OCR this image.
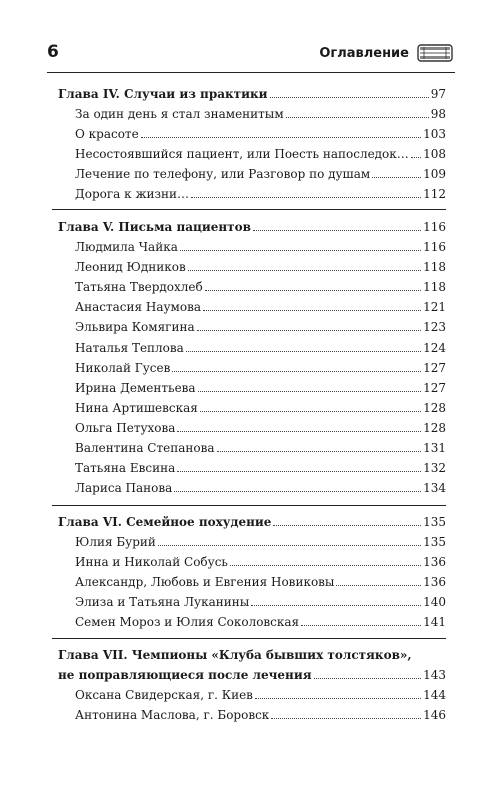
6	Оглавление
Глава IV. Случаи из практики	97
За один день я стал знаменитым	98
О красоте	103
Несостоявшийся пациент, или Поесть напоследок… 108
Лечение по телефону, или Разговор по душам	109
Дорога к жизни…	112
Глава V. Письма пациентов	116
Людмила Чайка	116
Леонид Юдников	118
Татьяна Твердохлеб	118
Анастасия Наумова	121
Эльвира Комягина	123
Наталья Теплова	124
Николай Гусев	127
Ирина Дементьева	127
Нина Артишевская	128
Ольга Петухова	128
Валентина Степанова	131
Татьяна Евсина	132
Лариса Панова	134
Глава VI. Семейное похудение	135
Юлия Бурий	135
Инна и Николай Собусь	136
Александр, Любовь и Евгения Новиковы	136
Элиза и Татьяна Луканины	140
Семен Мороз и Юлия Соколовская	141
Глава VII. Чемпионы «Клуба бывших толстяков»,
не поправляющиеся после лечения	143
Оксана Свидерская, г. Киев	144
Антонина Маслова, г. Боровск	146
